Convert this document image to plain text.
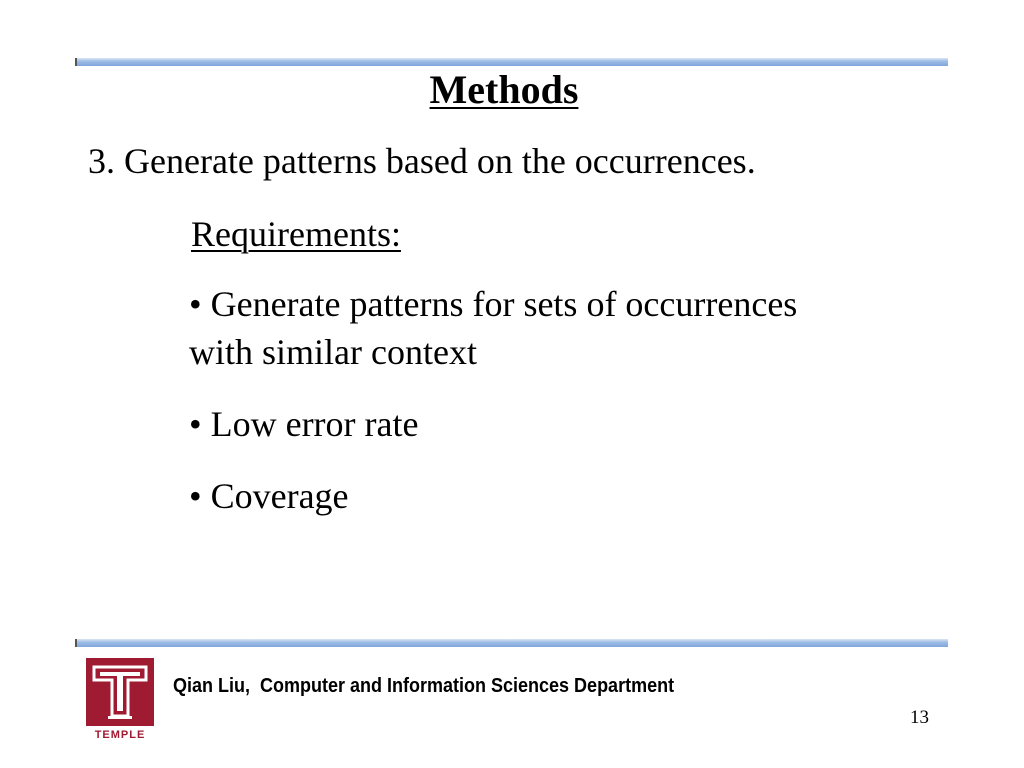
Methods
3. Generate patterns based on the occurrences.
Requirements:
• Generate patterns for sets of occurrences
with similar context
• Low error rate
• Coverage
TEMPLE
Qian Liu,  Computer and Information Sciences Department
13
